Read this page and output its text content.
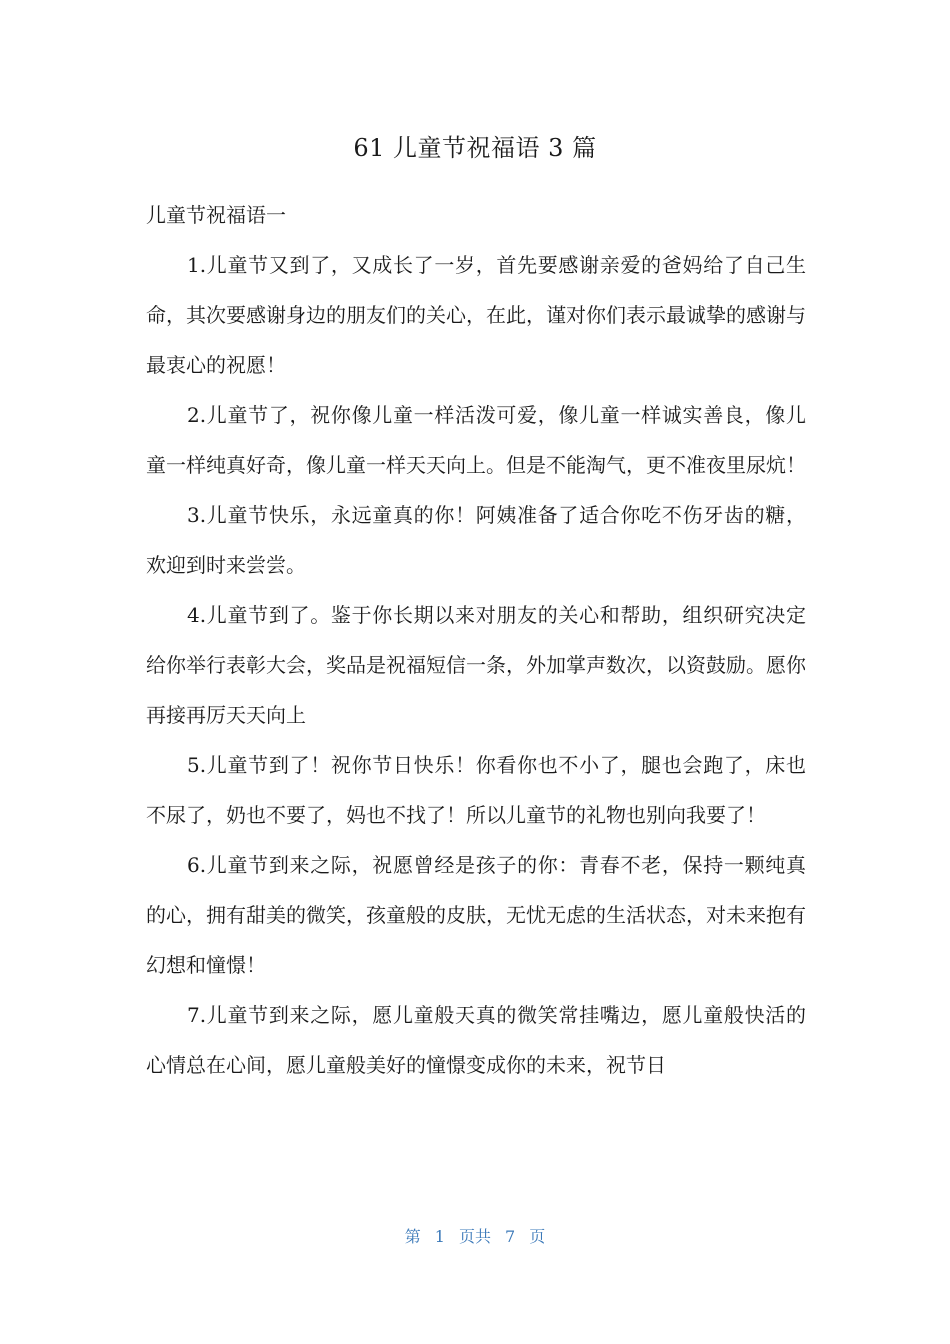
61 儿童节祝福语 3 篇

儿童节祝福语一

1.儿童节又到了，又成长了一岁，首先要感谢亲爱的爸妈给了自己生命，其次要感谢身边的朋友们的关心，在此，谨对你们表示最诚挚的感谢与最衷心的祝愿！

2.儿童节了，祝你像儿童一样活泼可爱，像儿童一样诚实善良，像儿童一样纯真好奇，像儿童一样天天向上。但是不能淘气，更不准夜里尿炕！

3.儿童节快乐，永远童真的你！阿姨准备了适合你吃不伤牙齿的糖，欢迎到时来尝尝。

4.儿童节到了。鉴于你长期以来对朋友的关心和帮助，组织研究决定给你举行表彰大会，奖品是祝福短信一条，外加掌声数次，以资鼓励。愿你再接再厉天天向上

5.儿童节到了！祝你节日快乐！你看你也不小了，腿也会跑了，床也不尿了，奶也不要了，妈也不找了！所以儿童节的礼物也别向我要了！

6.儿童节到来之际，祝愿曾经是孩子的你：青春不老，保持一颗纯真的心，拥有甜美的微笑，孩童般的皮肤，无忧无虑的生活状态，对未来抱有幻想和憧憬！

7.儿童节到来之际，愿儿童般天真的微笑常挂嘴边，愿儿童般快活的心情总在心间，愿儿童般美好的憧憬变成你的未来，祝节日

第 1 页共 7 页
